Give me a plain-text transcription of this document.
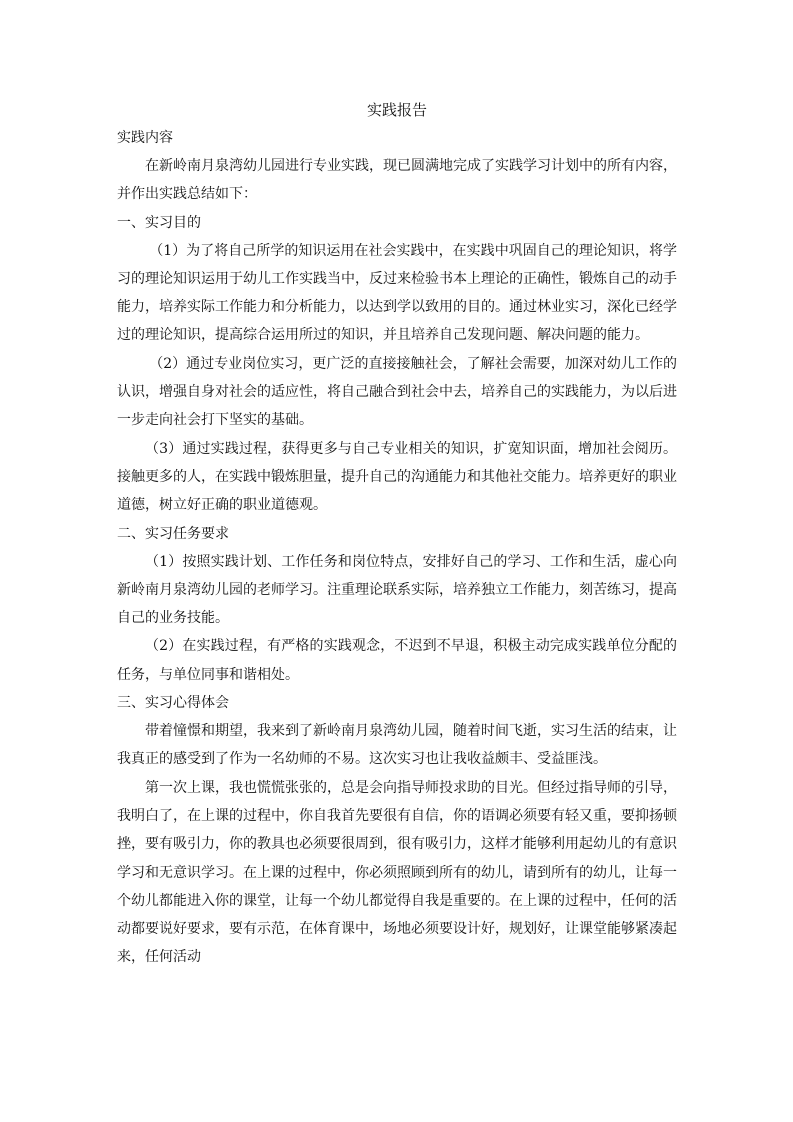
实践报告

实践内容

在新岭南月泉湾幼儿园进行专业实践，现已圆满地完成了实践学习计划中的所有内容，并作出实践总结如下：

一、实习目的

（1）为了将自己所学的知识运用在社会实践中，在实践中巩固自己的理论知识，将学习的理论知识运用于幼儿工作实践当中，反过来检验书本上理论的正确性，锻炼自己的动手能力，培养实际工作能力和分析能力，以达到学以致用的目的。通过林业实习，深化已经学过的理论知识，提高综合运用所过的知识，并且培养自己发现问题、解决问题的能力。

（2）通过专业岗位实习，更广泛的直接接触社会，了解社会需要，加深对幼儿工作的认识，增强自身对社会的适应性，将自己融合到社会中去，培养自己的实践能力，为以后进一步走向社会打下坚实的基础。

（3）通过实践过程，获得更多与自己专业相关的知识，扩宽知识面，增加社会阅历。接触更多的人，在实践中锻炼胆量，提升自己的沟通能力和其他社交能力。培养更好的职业道德，树立好正确的职业道德观。

二、实习任务要求

（1）按照实践计划、工作任务和岗位特点，安排好自己的学习、工作和生活，虚心向新岭南月泉湾幼儿园的老师学习。注重理论联系实际，培养独立工作能力，刻苦练习，提高自己的业务技能。

（2）在实践过程，有严格的实践观念，不迟到不早退，积极主动完成实践单位分配的任务，与单位同事和谐相处。

三、实习心得体会

带着憧憬和期望，我来到了新岭南月泉湾幼儿园，随着时间飞逝，实习生活的结束，让我真正的感受到了作为一名幼师的不易。这次实习也让我收益颇丰、受益匪浅。

第一次上课，我也慌慌张张的，总是会向指导师投求助的目光。但经过指导师的引导，我明白了，在上课的过程中，你自我首先要很有自信，你的语调必须要有轻又重，要抑扬顿挫，要有吸引力，你的教具也必须要很周到，很有吸引力，这样才能够利用起幼儿的有意识学习和无意识学习。在上课的过程中，你必须照顾到所有的幼儿，请到所有的幼儿，让每一个幼儿都能进入你的课堂，让每一个幼儿都觉得自我是重要的。在上课的过程中，任何的活动都要说好要求，要有示范，在体育课中，场地必须要设计好，规划好，让课堂能够紧凑起来，任何活动
